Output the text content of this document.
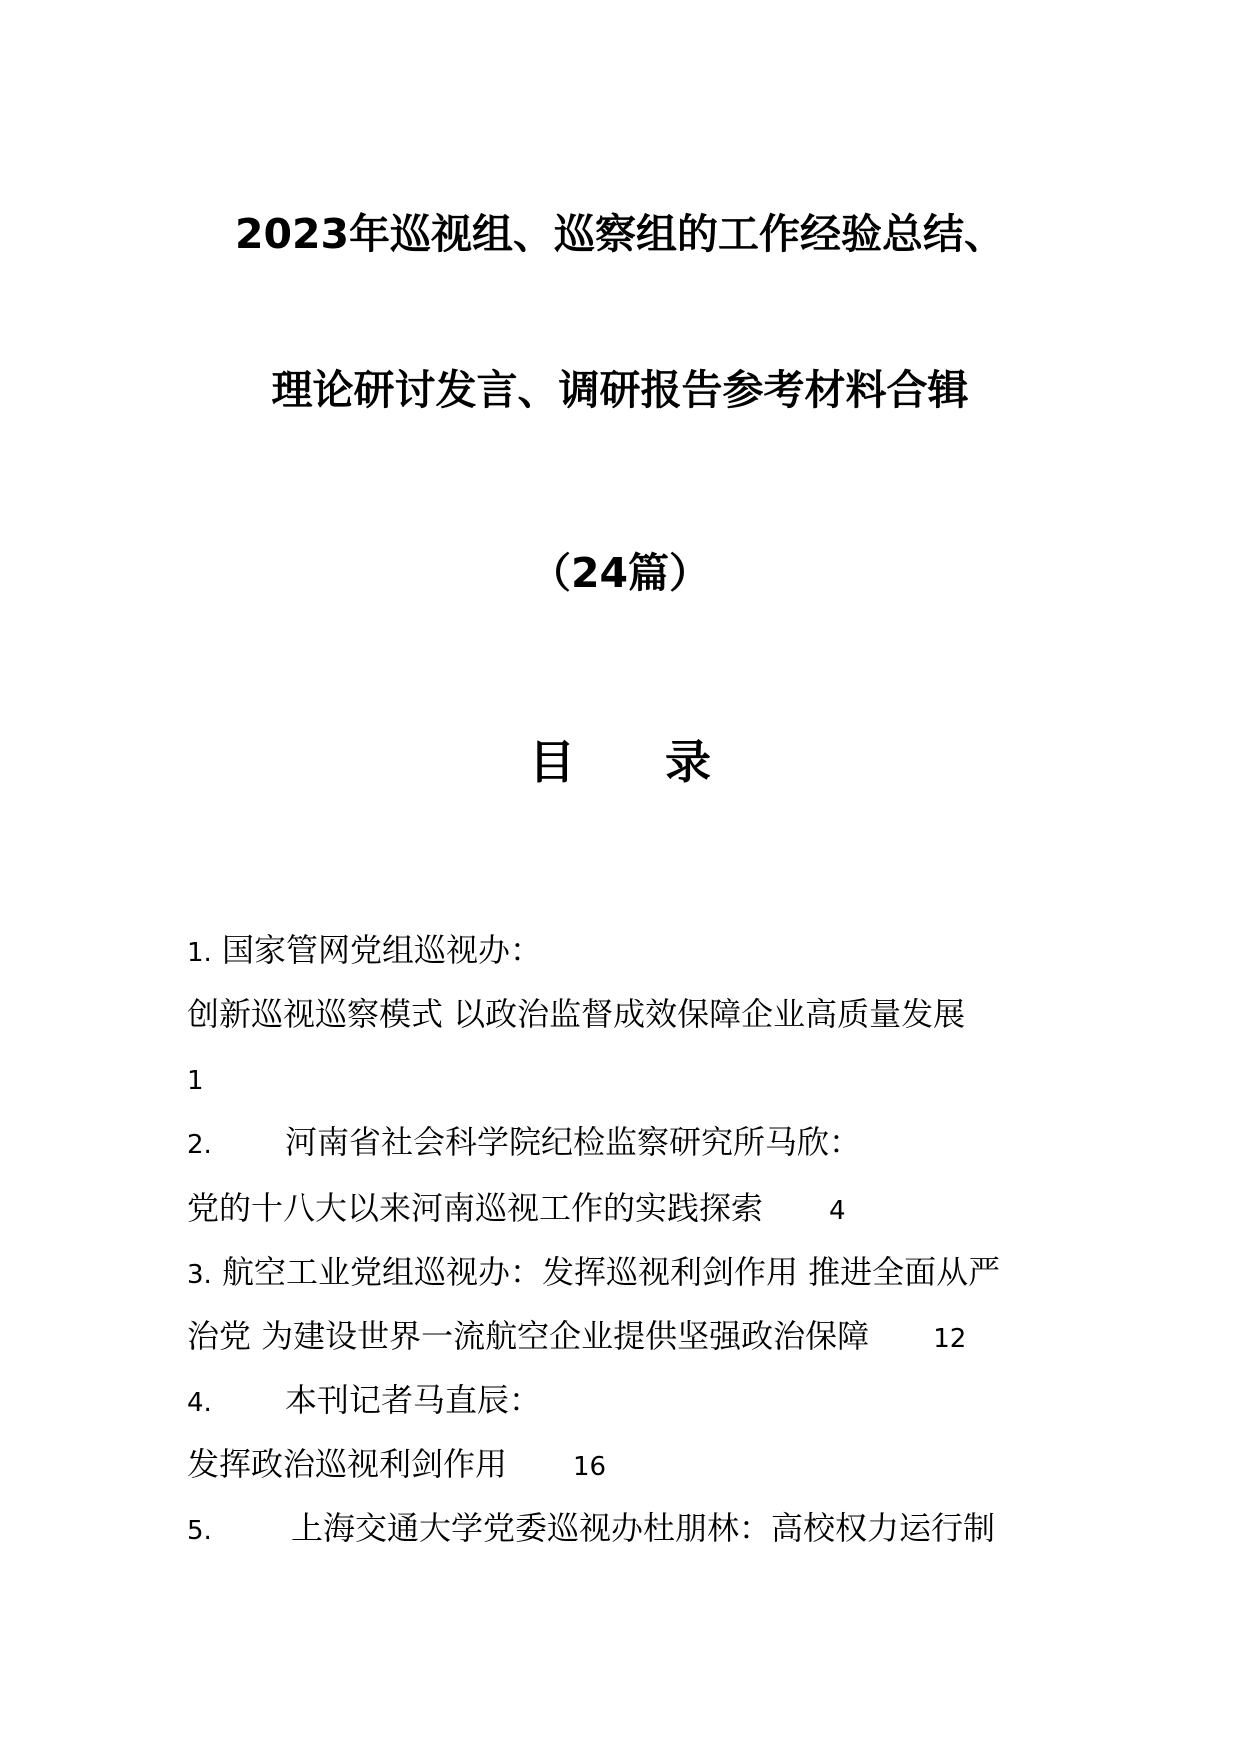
2023年巡视组、巡察组的工作经验总结、
理论研讨发言、调研报告参考材料合辑
（24篇）
目录
1. 国家管网党组巡视办：
创新巡视巡察模式 以政治监督成效保障企业高质量发展
1
2. 河南省社会科学院纪检监察研究所马欣：
党的十八大以来河南巡视工作的实践探索	4
3. 航空工业党组巡视办：发挥巡视利剑作用 推进全面从严
治党 为建设世界一流航空企业提供坚强政治保障 12
4. 本刊记者马直辰：
发挥政治巡视利剑作用	16
5. 上海交通大学党委巡视办杜朋林：高校权力运行制
